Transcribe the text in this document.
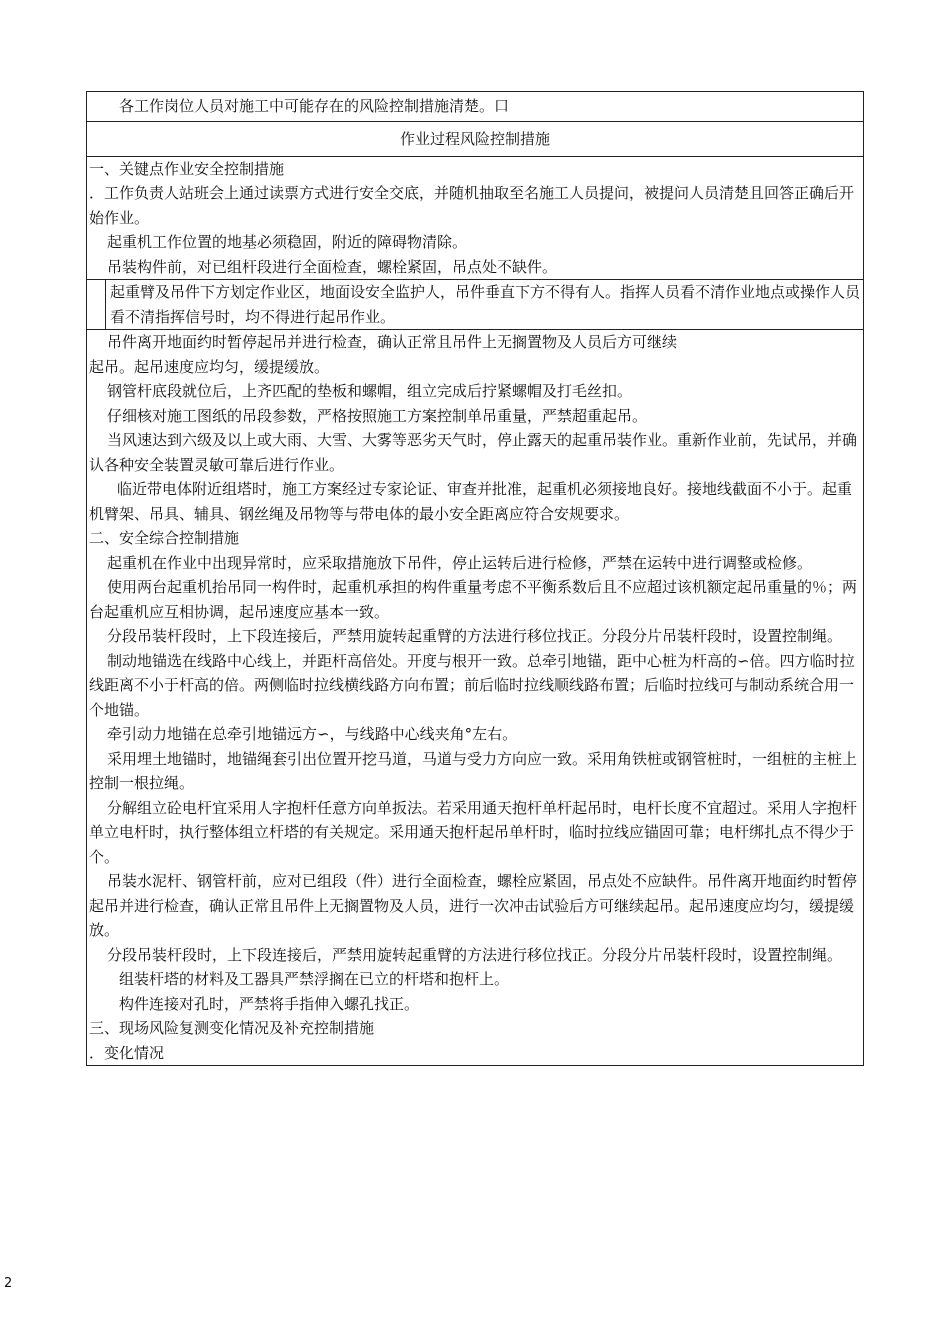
各工作岗位人员对施工中可能存在的风险控制措施清楚。口

作业过程风险控制措施

一、关键点作业安全控制措施

．工作负责人站班会上通过读票方式进行安全交底，并随机抽取至名施工人员提问，被提问人员清楚且回答正确后开始作业。

起重机工作位置的地基必须稳固，附近的障碍物清除。

吊装构件前，对已组杆段进行全面检查，螺栓紧固，吊点处不缺件。

起重臂及吊件下方划定作业区，地面设安全监护人，吊件垂直下方不得有人。指挥人员看不清作业地点或操作人员看不清指挥信号时，均不得进行起吊作业。

吊件离开地面约时暂停起吊并进行检查，确认正常且吊件上无搁置物及人员后方可继续

起吊。起吊速度应均匀，缓提缓放。

钢管杆底段就位后，上齐匹配的垫板和螺帽，组立完成后拧紧螺帽及打毛丝扣。

仔细核对施工图纸的吊段参数，严格按照施工方案控制单吊重量，严禁超重起吊。

当风速达到六级及以上或大雨、大雪、大雾等恶劣天气时，停止露天的起重吊装作业。重新作业前，先试吊，并确认各种安全装置灵敏可靠后进行作业。

临近带电体附近组塔时，施工方案经过专家论证、审查并批准，起重机必须接地良好。接地线截面不小于。起重机臂架、吊具、辅具、钢丝绳及吊物等与带电体的最小安全距离应符合安规要求。

二、安全综合控制措施

起重机在作业中出现异常时，应采取措施放下吊件，停止运转后进行检修，严禁在运转中进行调整或检修。

使用两台起重机抬吊同一构件时，起重机承担的构件重量考虑不平衡系数后且不应超过该机额定起吊重量的％；两台起重机应互相协调，起吊速度应基本一致。

分段吊装杆段时，上下段连接后，严禁用旋转起重臂的方法进行移位找正。分段分片吊装杆段时，设置控制绳。

制动地锚选在线路中心线上，并距杆高倍处。开度与根开一致。总牵引地锚，距中心桩为杆高的∽倍。四方临时拉线距离不小于杆高的倍。两侧临时拉线横线路方向布置；前后临时拉线顺线路布置；后临时拉线可与制动系统合用一个地锚。

牵引动力地锚在总牵引地锚远方∽，与线路中心线夹角°左右。

采用埋土地锚时，地锚绳套引出位置开挖马道，马道与受力方向应一致。采用角铁桩或钢管桩时，一组桩的主桩上控制一根拉绳。

分解组立砼电杆宜采用人字抱杆任意方向单扳法。若采用通天抱杆单杆起吊时，电杆长度不宜超过。采用人字抱杆单立电杆时，执行整体组立杆塔的有关规定。采用通天抱杆起吊单杆时，临时拉线应锚固可靠；电杆绑扎点不得少于个。

吊装水泥杆、钢管杆前，应对已组段（件）进行全面检查，螺栓应紧固，吊点处不应缺件。吊件离开地面约时暂停起吊并进行检查，确认正常且吊件上无搁置物及人员，进行一次冲击试验后方可继续起吊。起吊速度应均匀，缓提缓放。

分段吊装杆段时，上下段连接后，严禁用旋转起重臂的方法进行移位找正。分段分片吊装杆段时，设置控制绳。

组装杆塔的材料及工器具严禁浮搁在已立的杆塔和抱杆上。

构件连接对孔时，严禁将手指伸入螺孔找正。

三、现场风险复测变化情况及补充控制措施

．变化情况

2
